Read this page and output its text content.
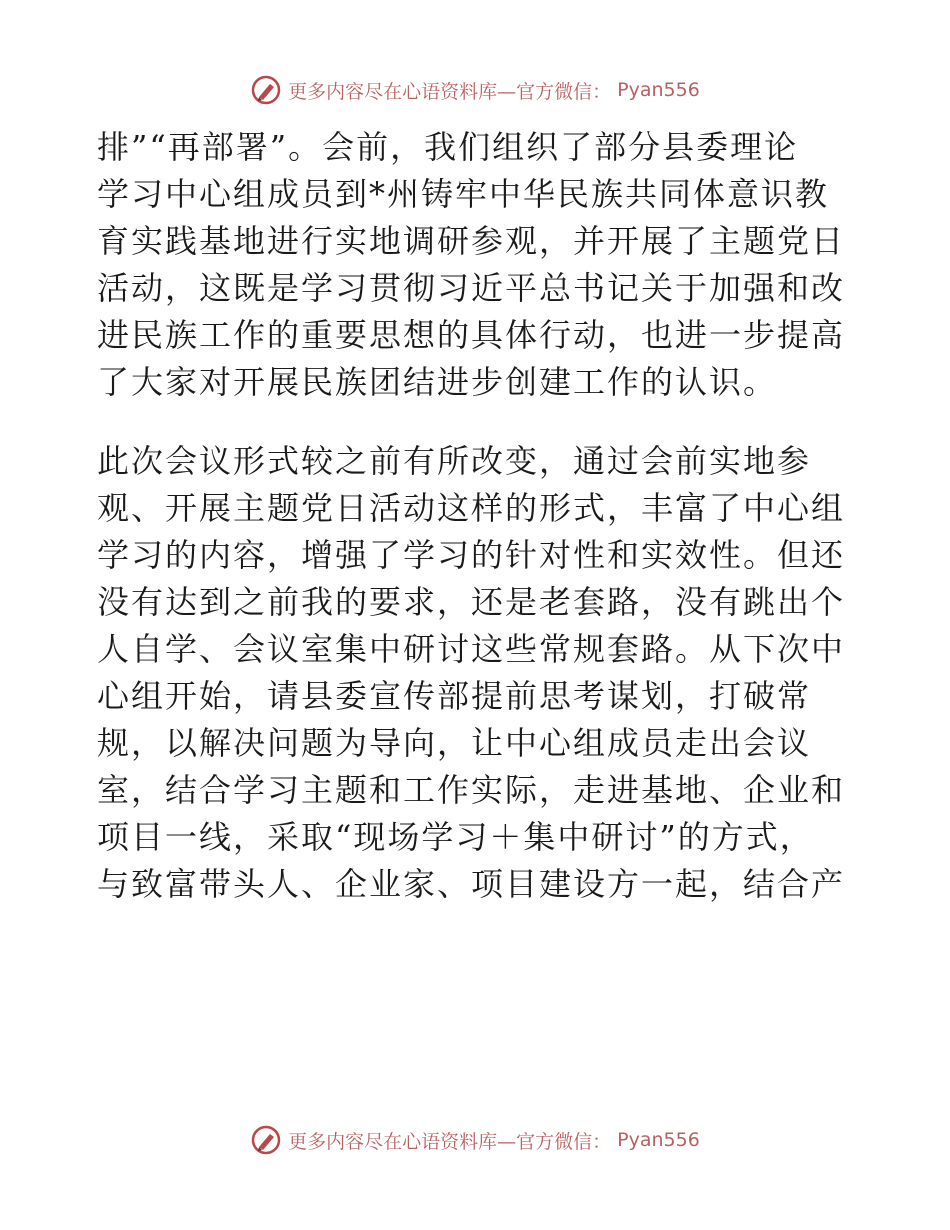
更多内容尽在心语资料库—官方微信： Pyan556

排”“再部署”。会前，我们组织了部分县委理论
学习中心组成员到*州铸牢中华民族共同体意识教
育实践基地进行实地调研参观，并开展了主题党日
活动，这既是学习贯彻习近平总书记关于加强和改
进民族工作的重要思想的具体行动，也进一步提高
了大家对开展民族团结进步创建工作的认识。

此次会议形式较之前有所改变，通过会前实地参
观、开展主题党日活动这样的形式，丰富了中心组
学习的内容，增强了学习的针对性和实效性。但还
没有达到之前我的要求，还是老套路，没有跳出个
人自学、会议室集中研讨这些常规套路。从下次中
心组开始，请县委宣传部提前思考谋划，打破常
规，以解决问题为导向，让中心组成员走出会议
室，结合学习主题和工作实际，走进基地、企业和
项目一线，采取“现场学习＋集中研讨”的方式，
与致富带头人、企业家、项目建设方一起，结合产

更多内容尽在心语资料库—官方微信： Pyan556
